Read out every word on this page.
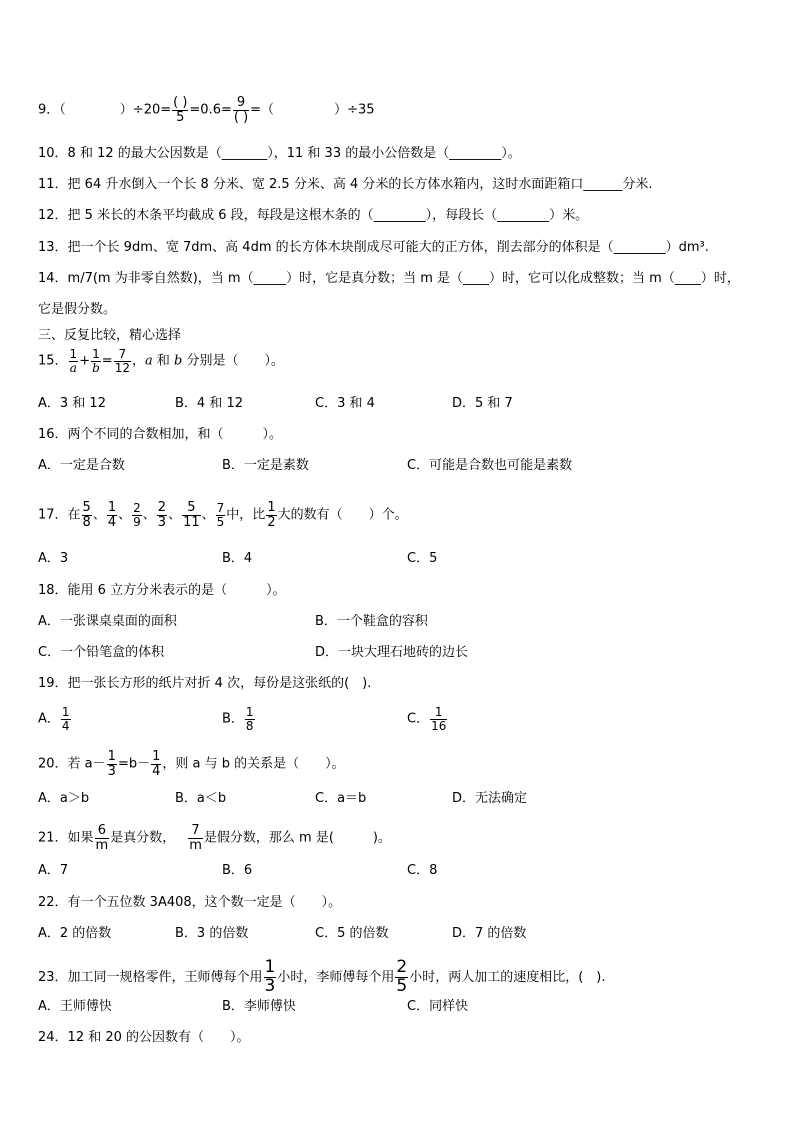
9．（	）$\div 20= \frac{( )}{5} =0.6= \frac{9}{( )}$ =（	）÷35
10．8 和 12 的最大公因数是（_______），11 和 33 的最小公倍数是（________）。
11．把 64 升水倒入一个长 8 分米、宽 2.5 分米、高 4 分米的长方体水箱内，这时水面距箱口______分米.
12．把 5 米长的木条平均截成 6 段，每段是这根木条的（________），每段长（________）米。
13．把一个长 9dm、宽 7dm、高 4dm 的长方体木块削成尽可能大的正方体，削去部分的体积是（________）dm³.
14．m/7(m 为非零自然数)，当 m（_____）时，它是真分数；当 m 是（____）时，它可以化成整数；当 m（____）时，
它是假分数。
三、反复比较，精心选择
15． $\frac{1}{a} + \frac{1}{b} = \frac{7}{12}$ ，a 和 b 分别是（　　）。
A．3 和 12	B．4 和 12	C．3 和 4	D．5 和 7
16．两个不同的合数相加，和（　　　）。
A．一定是合数	B．一定是素数	C．可能是合数也可能是素数
17．在 $\frac{5}{8}$ 、 $\frac{1}{4}$ 、 $\frac{2}{9}$ 、 $\frac{2}{3}$ 、 $\frac{5}{11}$ 、 $\frac{7}{5}$ 中，比 $\frac{1}{2}$ 大的数有（　　）个。
A．3	B．4	C．5
18．能用 6 立方分米表示的是（　　　）。
A．一张课桌桌面的面积	B．一个鞋盒的容积
C．一个铅笔盒的体积	D．一块大理石地砖的边长
19．把一张长方形的纸片对折 4 次，每份是这张纸的(　).
A． $\frac{1}{4}$	B． $\frac{1}{8}$	C． $\frac{1}{16}$
20．若 $a- \frac{1}{3} =b- \frac{1}{4}$ ，则 a 与 b 的关系是（　　）。
A．a＞b	B．a＜b	C．a＝b	D．无法确定
21．如果 $\frac{6}{m}$ 是真分数， $\frac{7}{m}$ 是假分数，那么 m 是(　　　)。
A．7	B．6	C．8
22．有一个五位数 3A408，这个数一定是（　　）。
A．2 的倍数	B．3 的倍数	C．5 的倍数	D．7 的倍数
23．加工同一规格零件，王师傅每个用 $\frac{1}{3}$ 小时，李师傅每个用 $\frac{2}{5}$ 小时，两人加工的速度相比，(　).
A．王师傅快	B．李师傅快	C．同样快
24．12 和 20 的公因数有（　　）。
